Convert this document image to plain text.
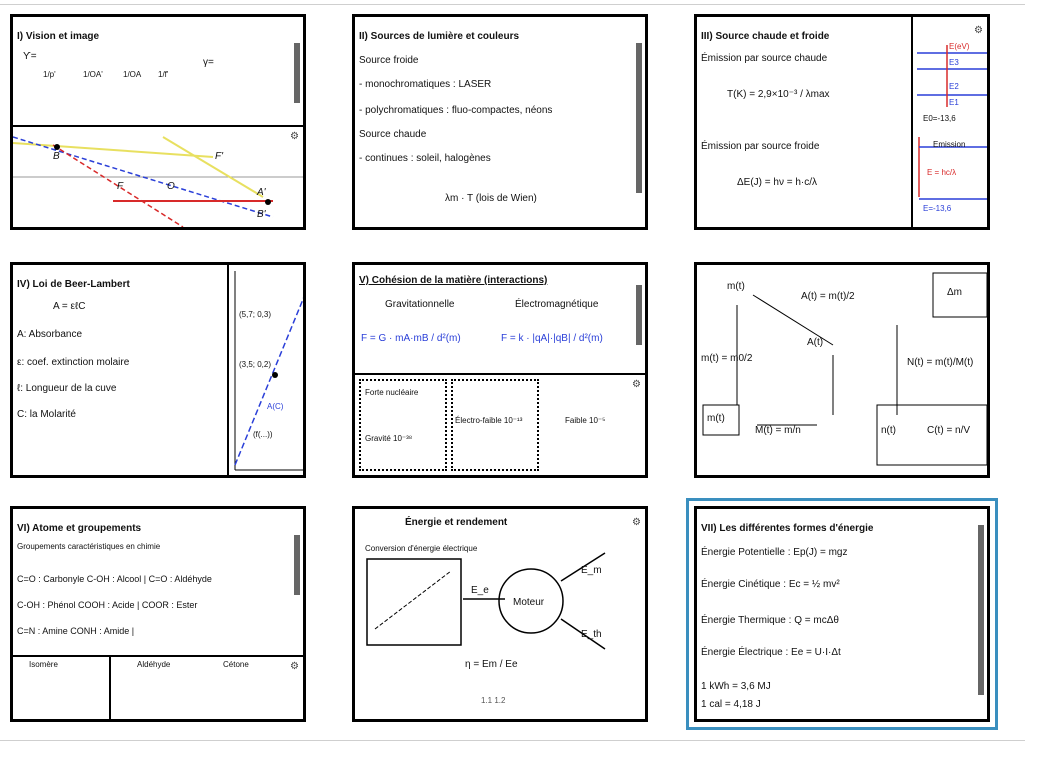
I) Vision et image
ϒ=
1/p'	1/OA'	1/OA 1/f'
γ=
⚙
B	F'
F	O
A'
B'
II) Sources de lumière et couleurs
Source froide
- monochromatiques : LASER
- polychromatiques : fluo-compactes, néons
Source chaude
- continues : soleil, halogènes
λm · T (lois de Wien)
III) Source chaude et froide
Émission par source chaude
T(K) = 2,9×10⁻³ / λmax
Émission par source froide
ΔE(J) = hν = h·c/λ
⚙
E(eV)
E3
E2
E1
E0=-13,6
Emission
E = hc/λ
E=-13,6
IV) Loi de Beer-Lambert
A = εℓC
A: Absorbance
ε: coef. extinction molaire
ℓ: Longueur de la cuve
C: la Molarité
(5,7; 0,3)
(3,5; 0,2)
A(C)
(f(...))
V) Cohésion de la matière (interactions)
Gravitationnelle	Électromagnétique
F = G · mA·mB / d²(m)	F = k · |qA|·|qB| / d²(m)
⚙
Forte nucléaire
Gravité 10⁻³⁸
Électro-faible 10⁻¹³	Faible 10⁻⁵
m(t)
A(t) = m(t)/2
A(t)
Δm
m(t) = m0/2	N(t) = m(t)/M(t)
m(t)
M(t) = m/n	n(t)	C(t) = n/V
VI) Atome et groupements
Groupements caractéristiques en chimie
C=O : Carbonyle C-OH : Alcool | C=O : Aldéhyde
C-OH : Phénol COOH : Acide | COOR : Ester
C=N : Amine CONH : Amide |
⚙
Isomère	Aldéhyde	Cétone
Énergie et rendement	⚙
Conversion d'énergie électrique
Moteur
E_e
E_m
E_th
η = Em / Ee
1.1 1.2
VII) Les différentes formes d'énergie
Énergie Potentielle : Ep(J) = mgz
Énergie Cinétique : Ec = ½ mv²
Énergie Thermique : Q = mcΔθ
Énergie Électrique : Ee = U·I·Δt
1 kWh = 3,6 MJ
1 cal = 4,18 J
